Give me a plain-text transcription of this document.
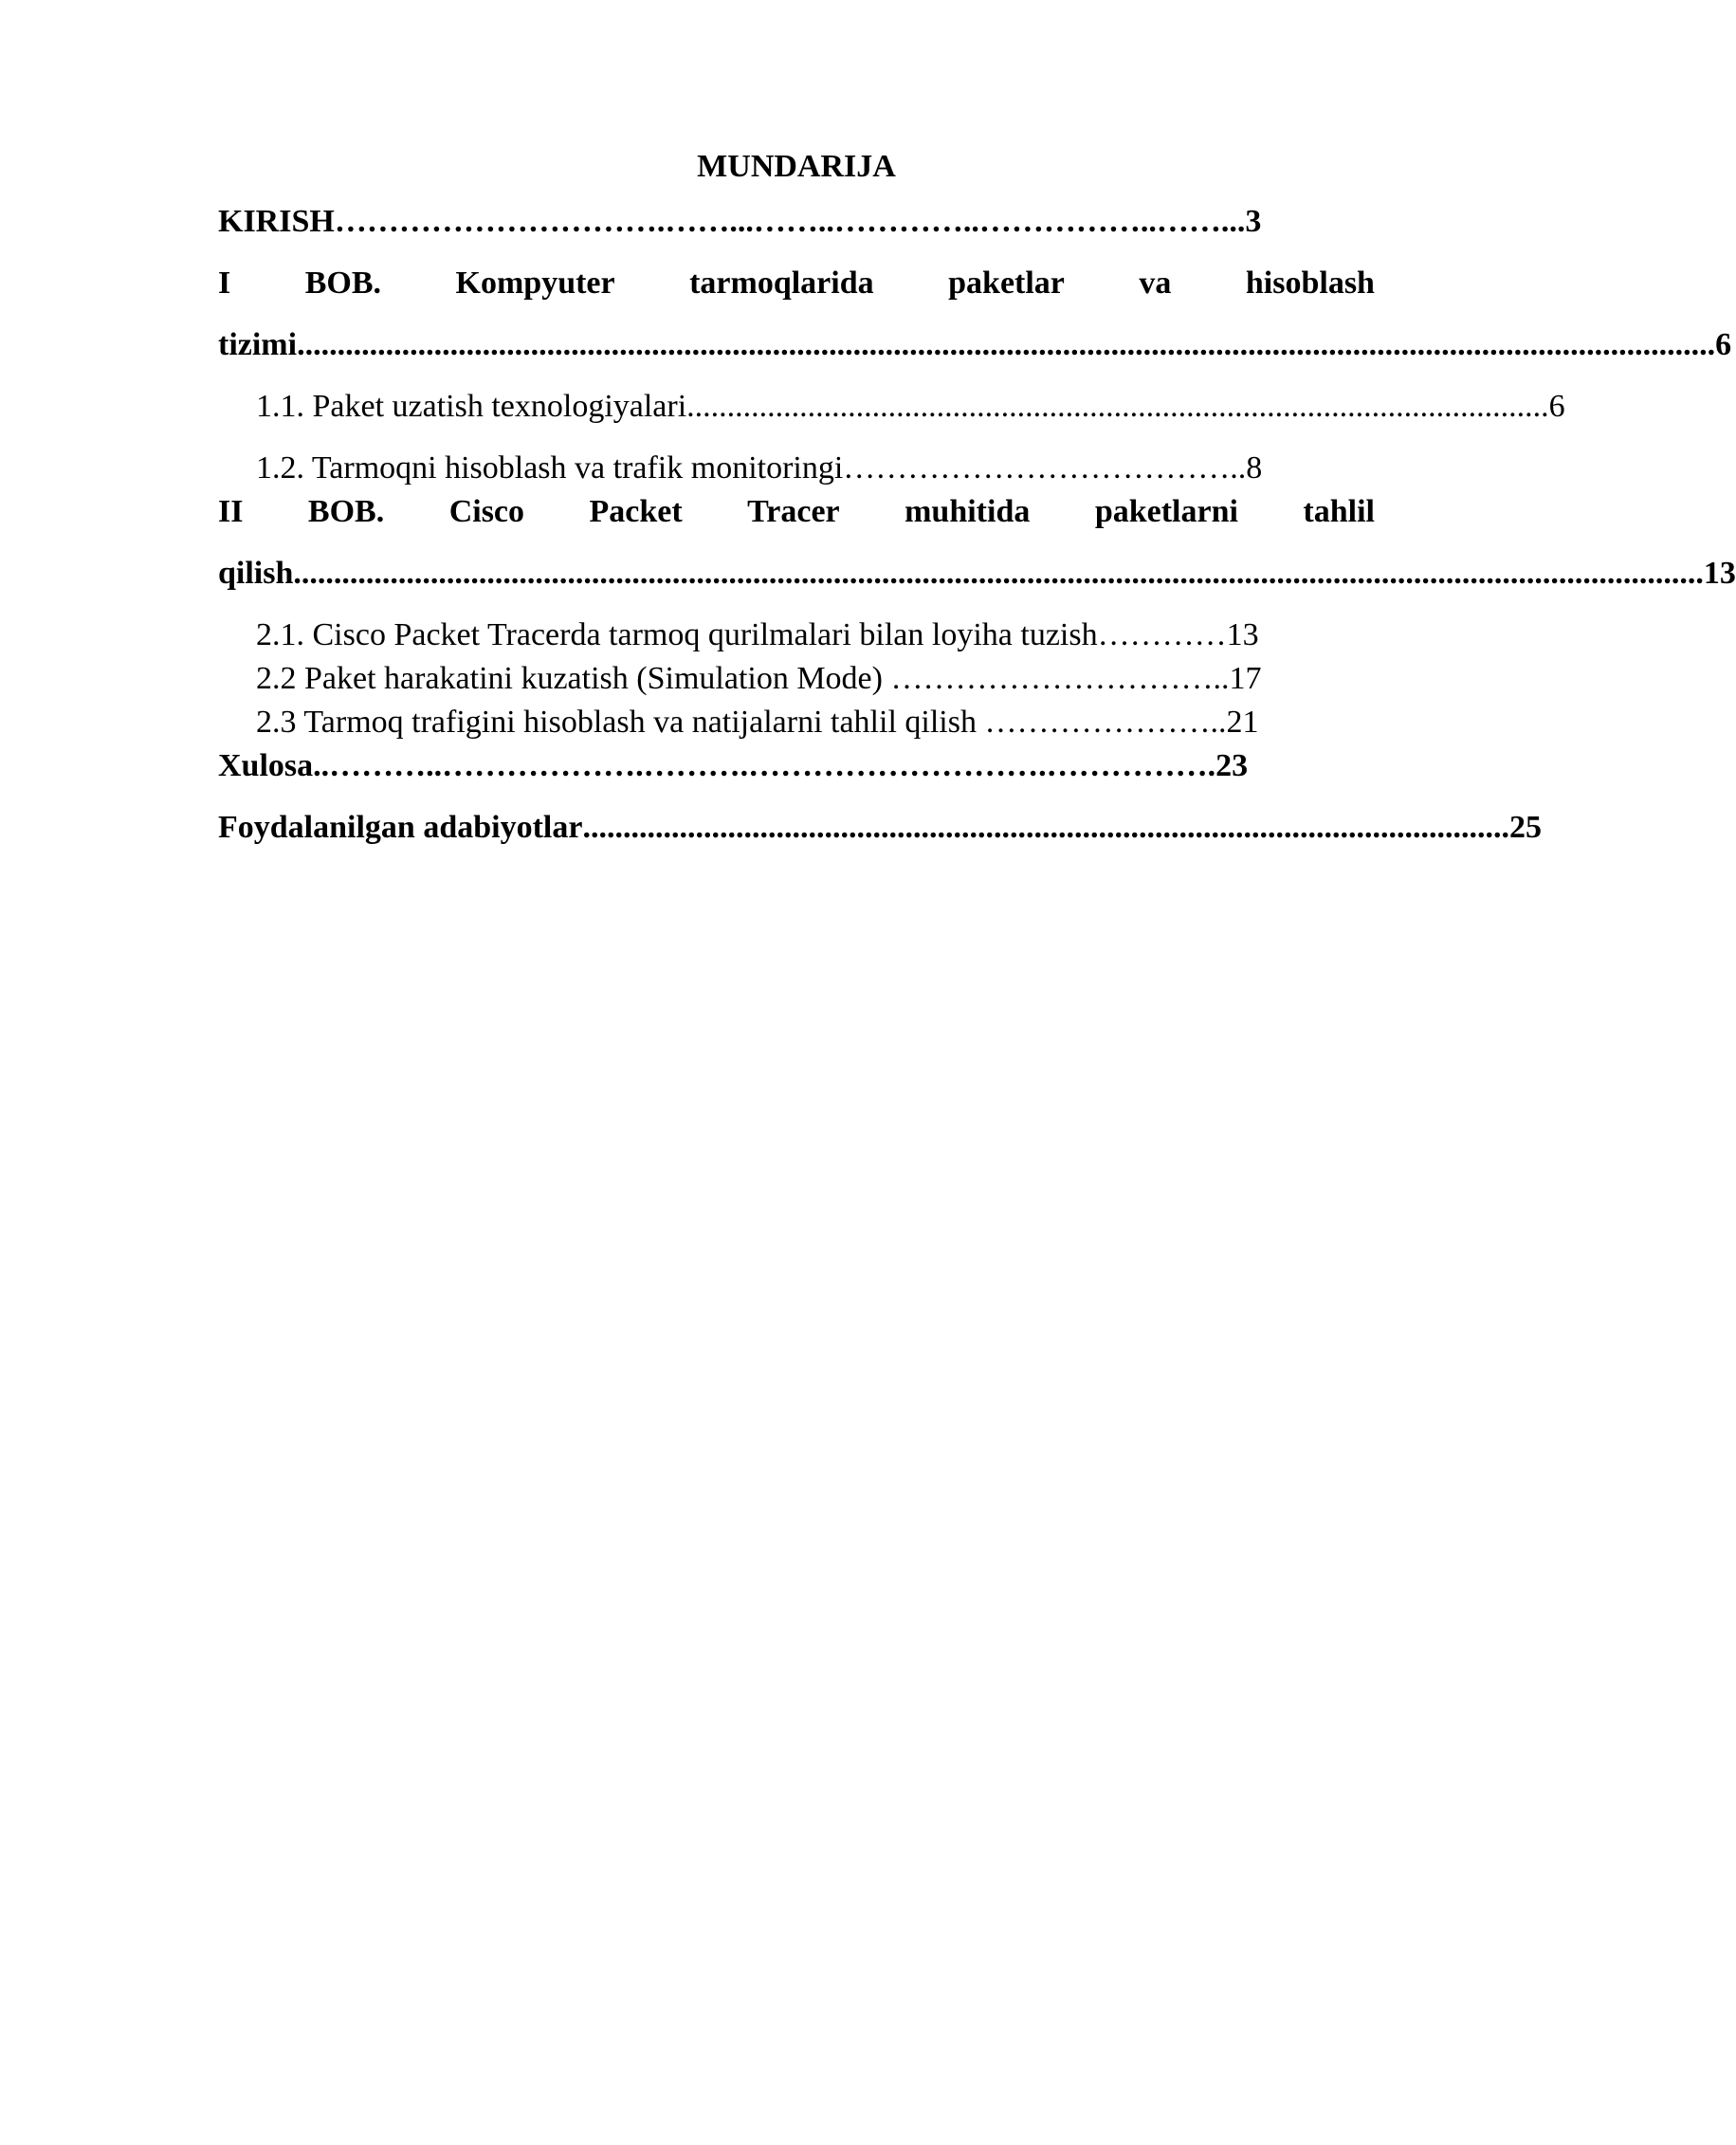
MUNDARIJA
KIRISH………………………….……...……..…………..……………..……...3
I BOB. Kompyuter tarmoqlarida paketlar va hisoblash
tizimi ............................................................................................................................................................................... .6
1.1. Paket uzatish texnologiyalari .......................................................................................................... .6
1.2. Tarmoqni hisoblash va trafik monitoringi………………………………..8
II BOB. Cisco Packet Tracer muhitida paketlarni tahlil
qilish ............................................................................................................................................................................... 13
2.1. Cisco Packet Tracerda tarmoq qurilmalari bilan loyiha tuzish…………13
2.2 Paket harakatini kuzatish (Simulation Mode) …………………………..17
2.3 Tarmoq trafigini hisoblash va natijalarni tahlil qilish …………………..21
Xulosa..………..……………….……….……………………….…………….23
Foydalanilgan adabiyotlar ................................................................................................................... 25
